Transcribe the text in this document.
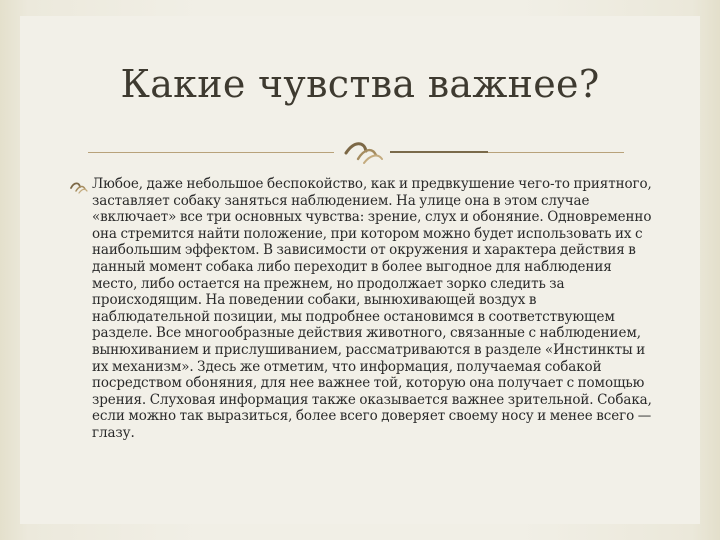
Какие чувства важнее?

Любое, даже небольшое беспокойство, как и предвкушение чего-то приятного, заставляет собаку заняться наблюдением. На улице она в этом случае «включает» все три основных чувства: зрение, слух и обоняние. Одновременно она стремится найти положение, при котором можно будет использовать их с наибольшим эффектом. В зависимости от окружения и характера действия в данный момент собака либо переходит в более выгодное для наблюдения место, либо остается на прежнем, но продолжает зорко следить за происходящим. На поведении собаки, вынюхивающей воздух в наблюдательной позиции, мы подробнее остановимся в соответствующем разделе. Все многообразные действия животного, связанные с наблюдением, вынюхиванием и прислушиванием, рассматриваются в разделе «Инстинкты и их механизм». Здесь же отметим, что информация, получаемая собакой посредством обоняния, для нее важнее той, которую она получает с помощью зрения. Слуховая информация также оказывается важнее зрительной. Собака, если можно так выразиться, более всего доверяет своему носу и менее всего — глазу.
